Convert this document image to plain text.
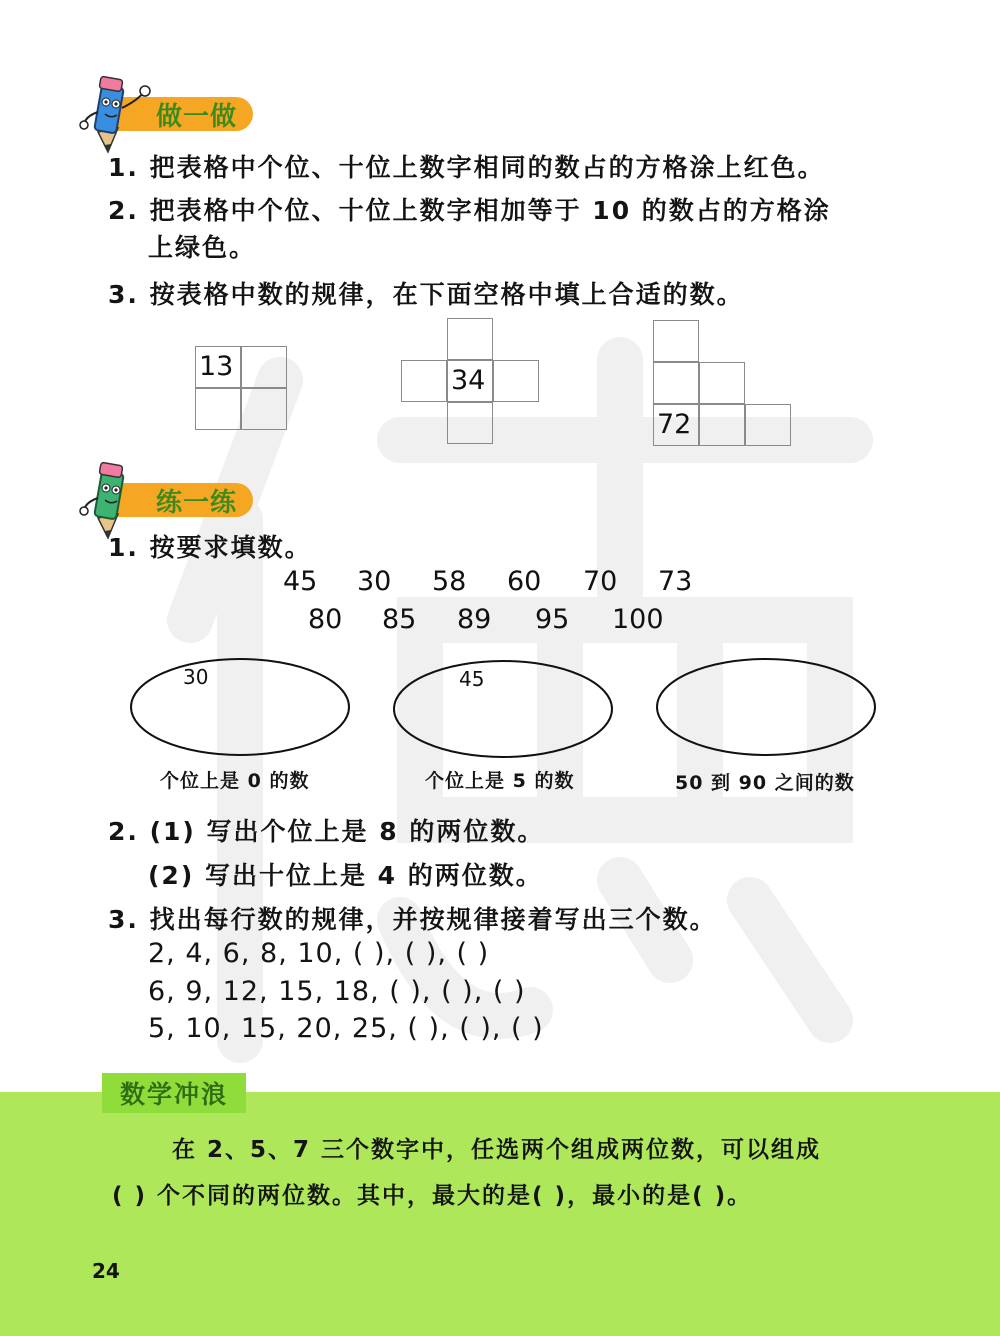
做一做
1. 把表格中个位、十位上数字相同的数占的方格涂上红色。
2. 把表格中个位、十位上数字相加等于 10 的数占的方格涂
上绿色。
3. 按表格中数的规律，在下面空格中填上合适的数。
13	34
72
练一练
1. 按要求填数。
45 30 58 60 70 73
80 85 89 95 100
30
个位上是 0 的数
45
个位上是 5 的数	50 到 90 之间的数
2. (1) 写出个位上是 8 的两位数。
(2) 写出十位上是 4 的两位数。
3. 找出每行数的规律，并按规律接着写出三个数。
2, 4, 6, 8, 10, ( ), ( ), ( )
6, 9, 12, 15, 18, ( ), ( ), ( )
5, 10, 15, 20, 25, ( ), ( ), ( )
数学冲浪
在 2、5、7 三个数字中，任选两个组成两位数，可以组成
( ) 个不同的两位数。其中，最大的是( )，最小的是( )。
24
